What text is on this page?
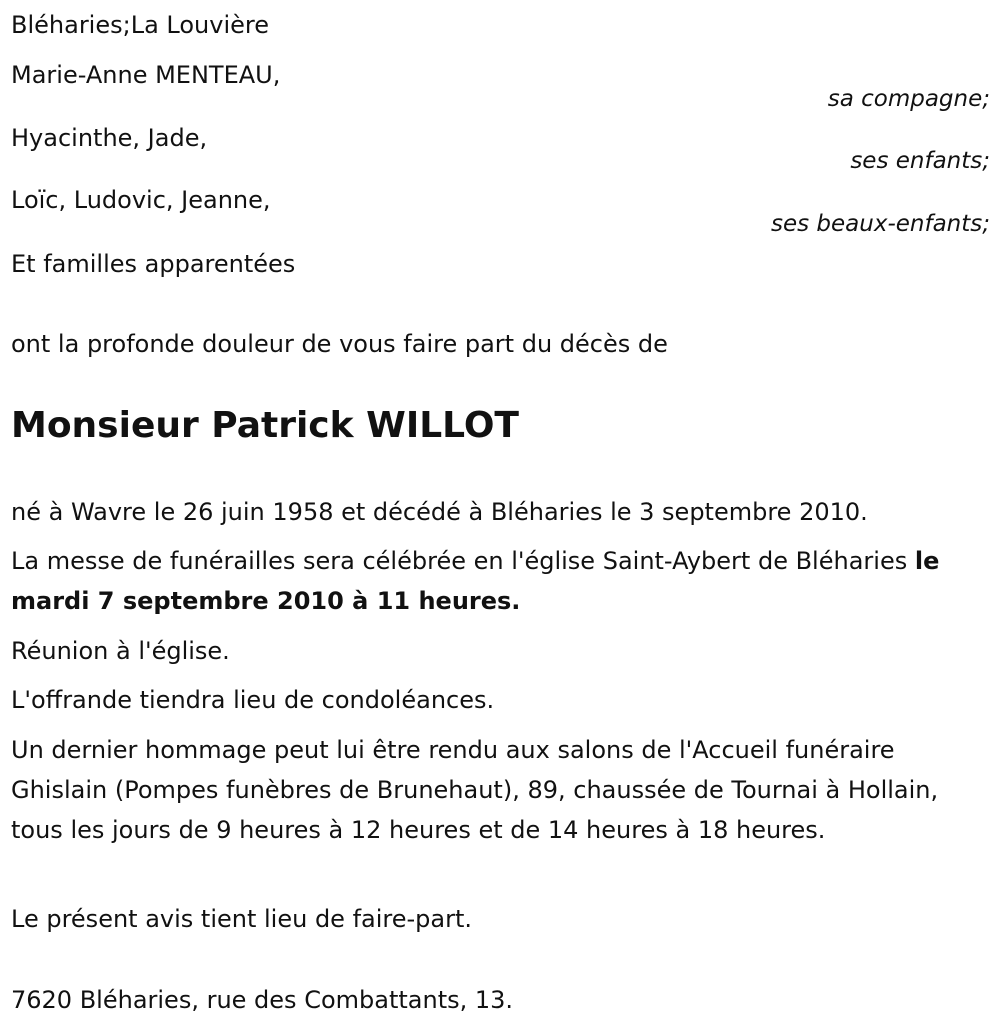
Bléharies;La Louvière
Marie-Anne MENTEAU,
sa compagne;
Hyacinthe, Jade,
ses enfants;
Loïc, Ludovic, Jeanne,
ses beaux-enfants;
Et familles apparentées
ont la profonde douleur de vous faire part du décès de
Monsieur Patrick WILLOT
né à Wavre le 26 juin 1958 et décédé à Bléharies le 3 septembre 2010.
La messe de funérailles sera célébrée en l'église Saint-Aybert de Bléharies le mardi 7 septembre 2010 à 11 heures.
Réunion à l'église.
L'offrande tiendra lieu de condoléances.
Un dernier hommage peut lui être rendu aux salons de l'Accueil funéraire Ghislain (Pompes funèbres de Brunehaut), 89, chaussée de Tournai à Hollain, tous les jours de 9 heures à 12 heures et de 14 heures à 18 heures.
Le présent avis tient lieu de faire-part.
7620 Bléharies, rue des Combattants, 13.
